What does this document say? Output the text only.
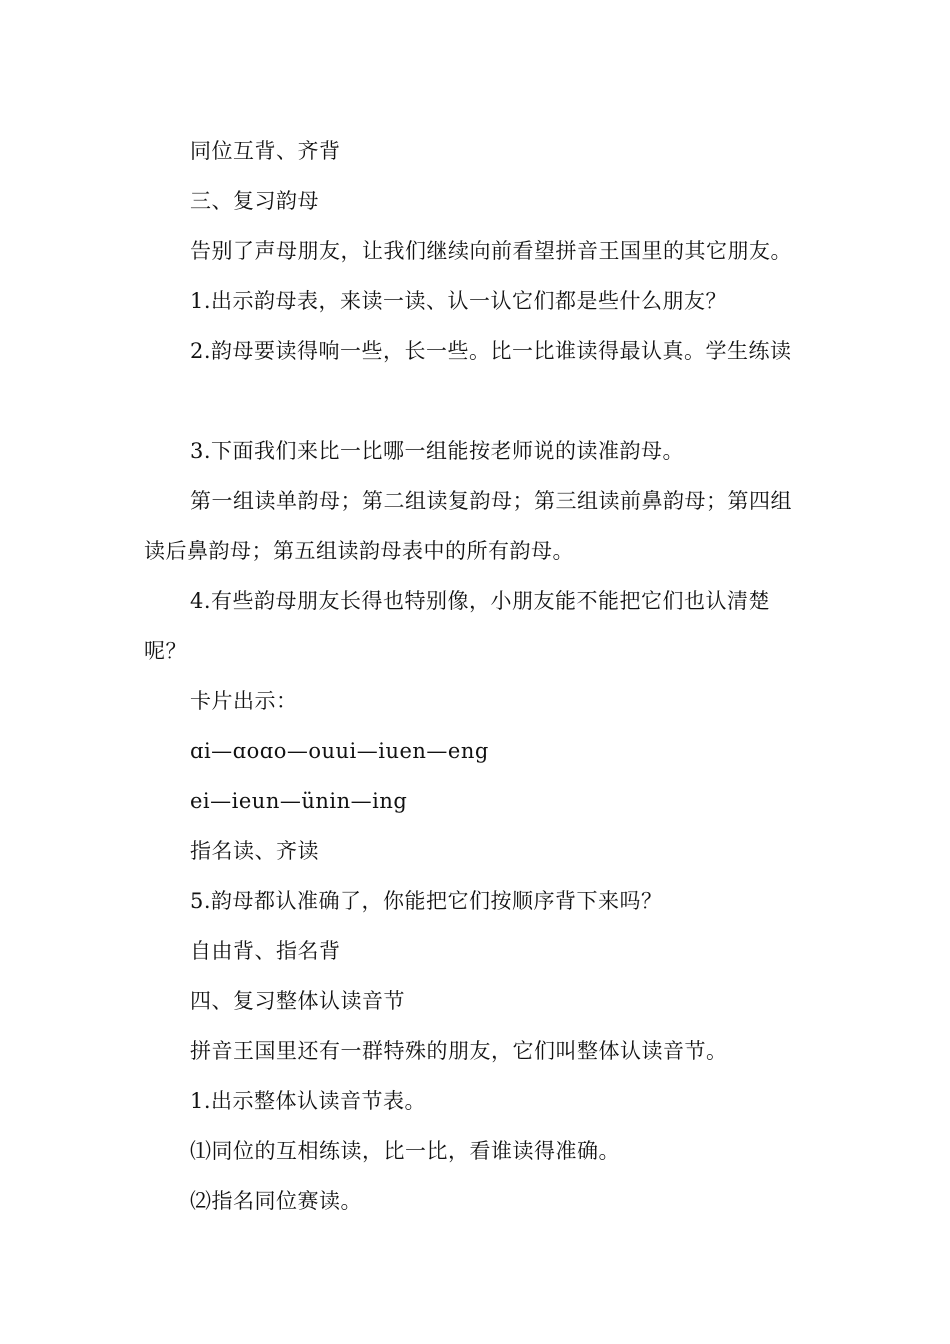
同位互背、齐背

三、复习韵母

告别了声母朋友，让我们继续向前看望拼音王国里的其它朋友。

1.出示韵母表，来读一读、认一认它们都是些什么朋友？

2.韵母要读得响一些，长一些。比一比谁读得最认真。学生练读

3.下面我们来比一比哪一组能按老师说的读准韵母。

第一组读单韵母；第二组读复韵母；第三组读前鼻韵母；第四组读后鼻韵母；第五组读韵母表中的所有韵母。

4.有些韵母朋友长得也特别像，小朋友能不能把它们也认清楚呢？

卡片出示：

ɑi—ɑoɑo—ouui—iuen—eng

ei—ieun—ünin—ing

指名读、齐读

5.韵母都认准确了，你能把它们按顺序背下来吗？

自由背、指名背

四、复习整体认读音节

拼音王国里还有一群特殊的朋友，它们叫整体认读音节。

1.出示整体认读音节表。

⑴同位的互相练读，比一比，看谁读得准确。

⑵指名同位赛读。
